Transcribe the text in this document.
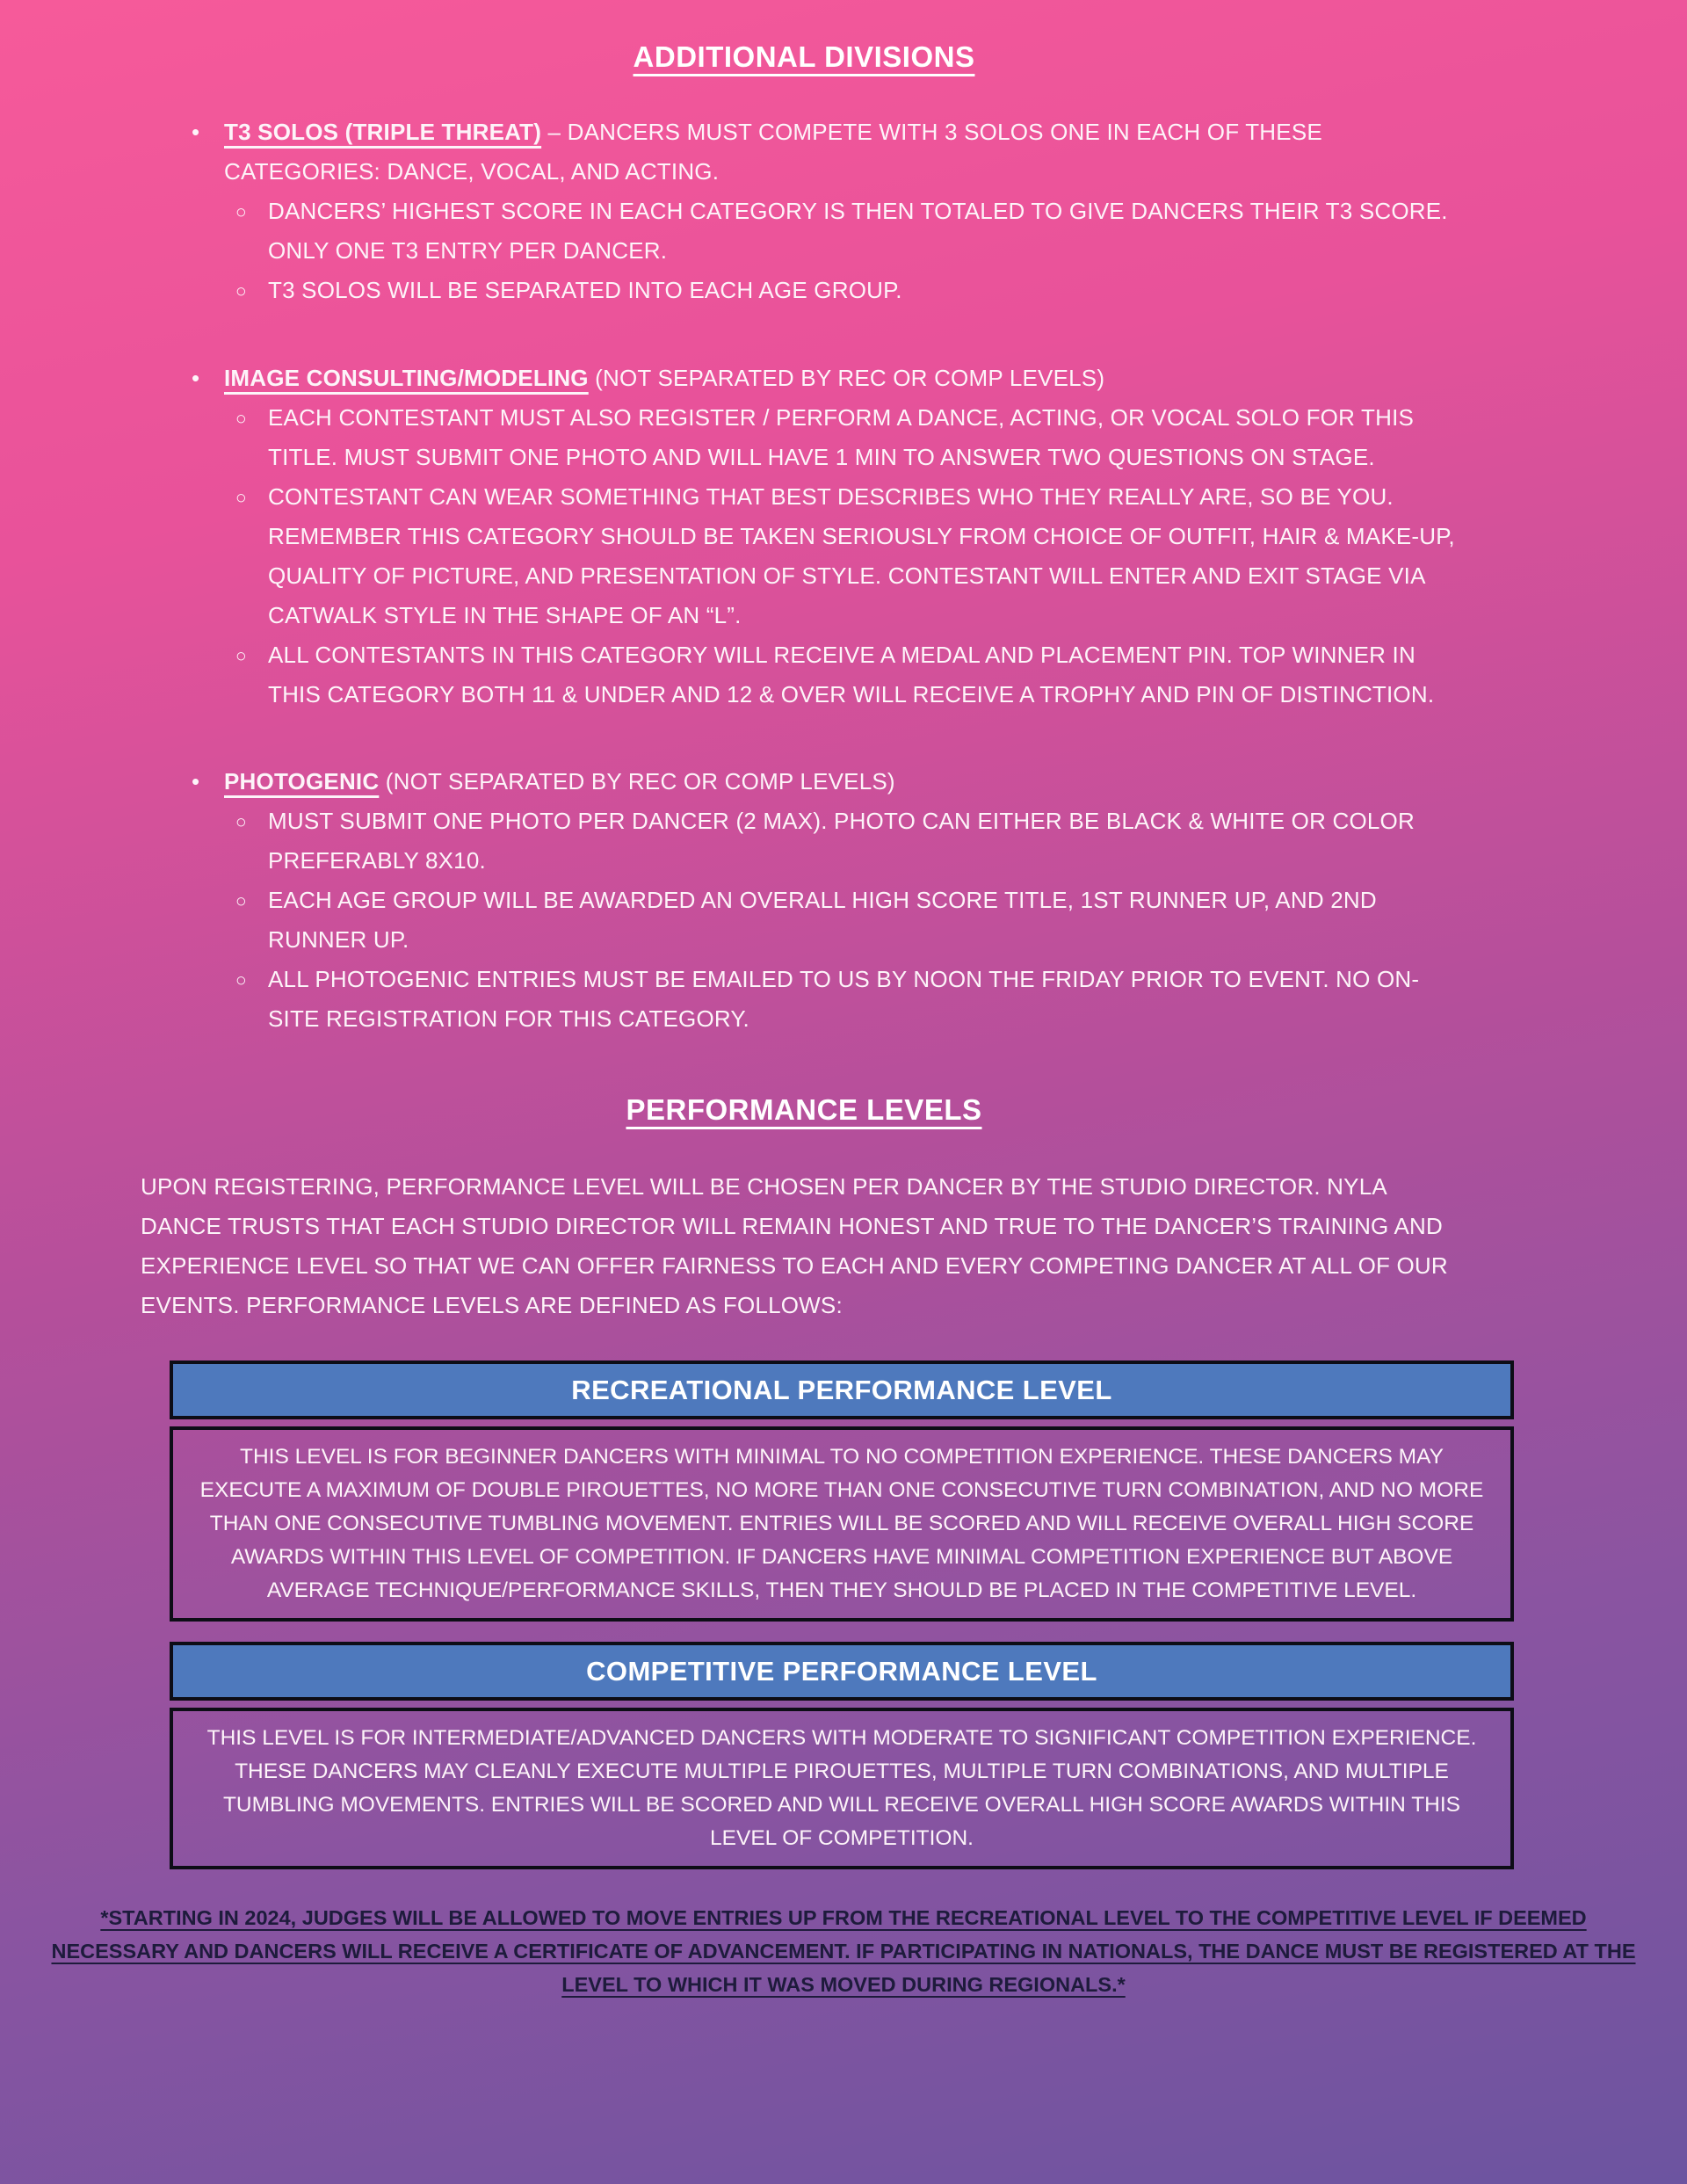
ADDITIONAL DIVISIONS
•	T3 SOLOS (TRIPLE THREAT) – DANCERS MUST COMPETE WITH 3 SOLOS ONE IN EACH OF THESE CATEGORIES: DANCE, VOCAL, AND ACTING.
○ DANCERS’ HIGHEST SCORE IN EACH CATEGORY IS THEN TOTALED TO GIVE DANCERS THEIR T3 SCORE. ONLY ONE T3 ENTRY PER DANCER.
○ T3 SOLOS WILL BE SEPARATED INTO EACH AGE GROUP.
•	IMAGE CONSULTING/MODELING (NOT SEPARATED BY REC OR COMP LEVELS)
○ EACH CONTESTANT MUST ALSO REGISTER / PERFORM A DANCE, ACTING, OR VOCAL SOLO FOR THIS TITLE. MUST SUBMIT ONE PHOTO AND WILL HAVE 1 MIN TO ANSWER TWO QUESTIONS ON STAGE.
○ CONTESTANT CAN WEAR SOMETHING THAT BEST DESCRIBES WHO THEY REALLY ARE, SO BE YOU. REMEMBER THIS CATEGORY SHOULD BE TAKEN SERIOUSLY FROM CHOICE OF OUTFIT, HAIR & MAKE-UP, QUALITY OF PICTURE, AND PRESENTATION OF STYLE. CONTESTANT WILL ENTER AND EXIT STAGE VIA CATWALK STYLE IN THE SHAPE OF AN “L”.
○ ALL CONTESTANTS IN THIS CATEGORY WILL RECEIVE A MEDAL AND PLACEMENT PIN. TOP WINNER IN THIS CATEGORY BOTH 11 & UNDER AND 12 & OVER WILL RECEIVE A TROPHY AND PIN OF DISTINCTION.
•	PHOTOGENIC (NOT SEPARATED BY REC OR COMP LEVELS)
○ MUST SUBMIT ONE PHOTO PER DANCER (2 MAX). PHOTO CAN EITHER BE BLACK & WHITE OR COLOR PREFERABLY 8X10.
○ EACH AGE GROUP WILL BE AWARDED AN OVERALL HIGH SCORE TITLE, 1ST RUNNER UP, AND 2ND RUNNER UP.
○ ALL PHOTOGENIC ENTRIES MUST BE EMAILED TO US BY NOON THE FRIDAY PRIOR TO EVENT. NO ON-SITE REGISTRATION FOR THIS CATEGORY.
PERFORMANCE LEVELS

UPON REGISTERING, PERFORMANCE LEVEL WILL BE CHOSEN PER DANCER BY THE STUDIO DIRECTOR. NYLA DANCE TRUSTS THAT EACH STUDIO DIRECTOR WILL REMAIN HONEST AND TRUE TO THE DANCER’S TRAINING AND EXPERIENCE LEVEL SO THAT WE CAN OFFER FAIRNESS TO EACH AND EVERY COMPETING DANCER AT ALL OF OUR EVENTS. PERFORMANCE LEVELS ARE DEFINED AS FOLLOWS:

RECREATIONAL PERFORMANCE LEVEL
THIS LEVEL IS FOR BEGINNER DANCERS WITH MINIMAL TO NO COMPETITION EXPERIENCE. THESE DANCERS MAY EXECUTE A MAXIMUM OF DOUBLE PIROUETTES, NO MORE THAN ONE CONSECUTIVE TURN COMBINATION, AND NO MORE THAN ONE CONSECUTIVE TUMBLING MOVEMENT. ENTRIES WILL BE SCORED AND WILL RECEIVE OVERALL HIGH SCORE AWARDS WITHIN THIS LEVEL OF COMPETITION. IF DANCERS HAVE MINIMAL COMPETITION EXPERIENCE BUT ABOVE AVERAGE TECHNIQUE/PERFORMANCE SKILLS, THEN THEY SHOULD BE PLACED IN THE COMPETITIVE LEVEL.
COMPETITIVE PERFORMANCE LEVEL
THIS LEVEL IS FOR INTERMEDIATE/ADVANCED DANCERS WITH MODERATE TO SIGNIFICANT COMPETITION EXPERIENCE. THESE DANCERS MAY CLEANLY EXECUTE MULTIPLE PIROUETTES, MULTIPLE TURN COMBINATIONS, AND MULTIPLE TUMBLING MOVEMENTS. ENTRIES WILL BE SCORED AND WILL RECEIVE OVERALL HIGH SCORE AWARDS WITHIN THIS LEVEL OF COMPETITION.
*STARTING IN 2024, JUDGES WILL BE ALLOWED TO MOVE ENTRIES UP FROM THE RECREATIONAL LEVEL TO THE COMPETITIVE LEVEL IF DEEMED NECESSARY AND DANCERS WILL RECEIVE A CERTIFICATE OF ADVANCEMENT. IF PARTICIPATING IN NATIONALS, THE DANCE MUST BE REGISTERED AT THE LEVEL TO WHICH IT WAS MOVED DURING REGIONALS.*
